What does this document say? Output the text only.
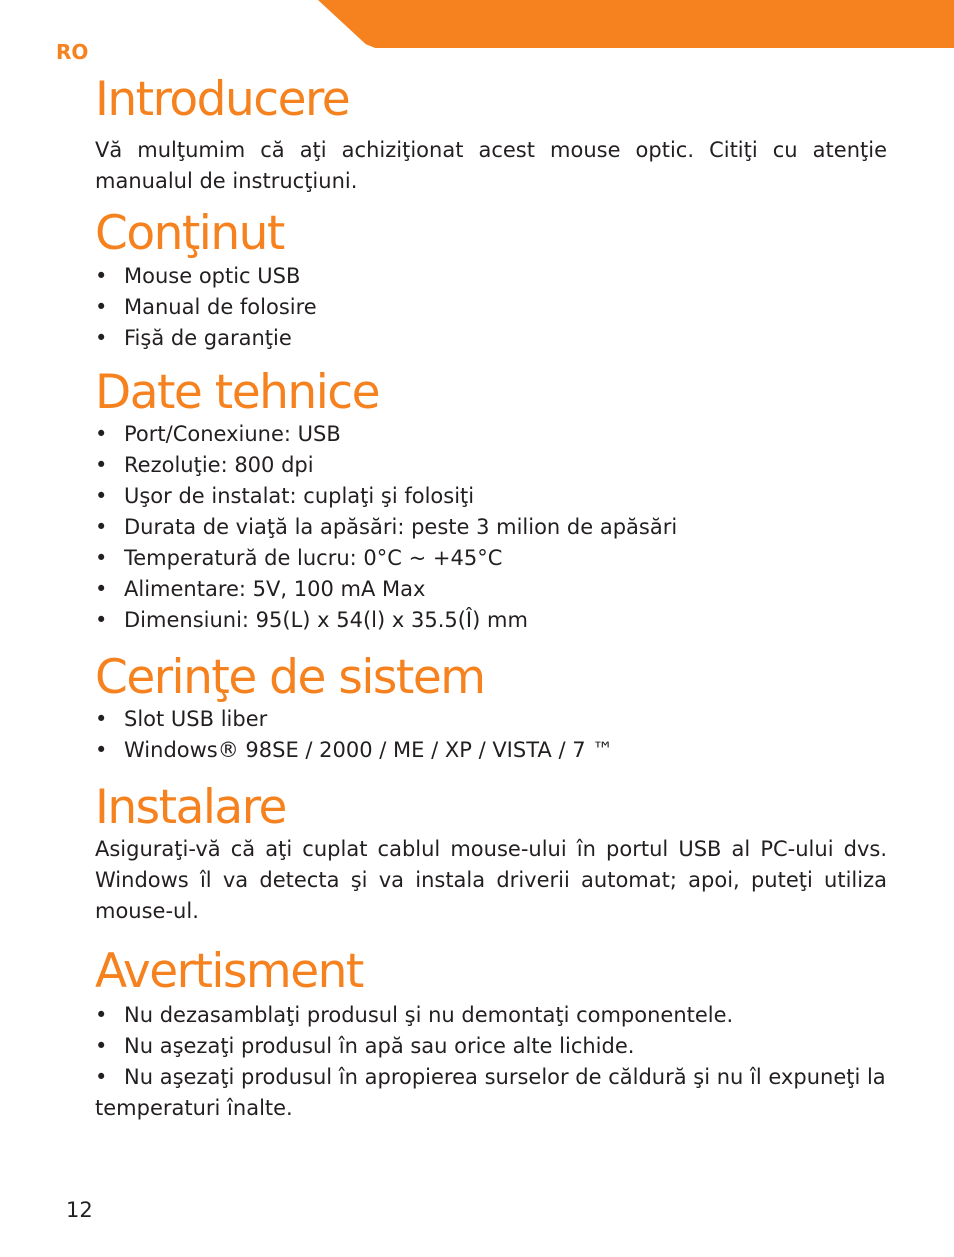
RO
Introducere

Vă mulţumim că aţi achiziţionat acest mouse optic. Citiţi cu atenţie manualul de instrucţiuni.

Conţinut
• Mouse optic USB
• Manual de folosire
• Fişă de garanţie
Date tehnice
• Port/Conexiune: USB
• Rezoluţie: 800 dpi
• Uşor de instalat: cuplaţi şi folosiţi
• Durata de viaţă la apăsări: peste 3 milion de apăsări
• Temperatură de lucru: 0°C ~ +45°C
• Alimentare: 5V, 100 mA Max
• Dimensiuni: 95(L) x 54(l) x 35.5(Î) mm
Cerinţe de sistem
• Slot USB liber
• Windows® 98SE / 2000 / ME / XP / VISTA / 7 ™
Instalare

Asiguraţi-vă că aţi cuplat cablul mouse-ului în portul USB al PC-ului dvs. Windows îl va detecta şi va instala driverii automat; apoi, puteţi utiliza mouse-ul.

Avertisment
• Nu dezasamblaţi produsul şi nu demontaţi componentele.
• Nu aşezaţi produsul în apă sau orice alte lichide.
• Nu aşezaţi produsul în apropierea surselor de căldură şi nu îl expuneţi la temperaturi înalte.
12
